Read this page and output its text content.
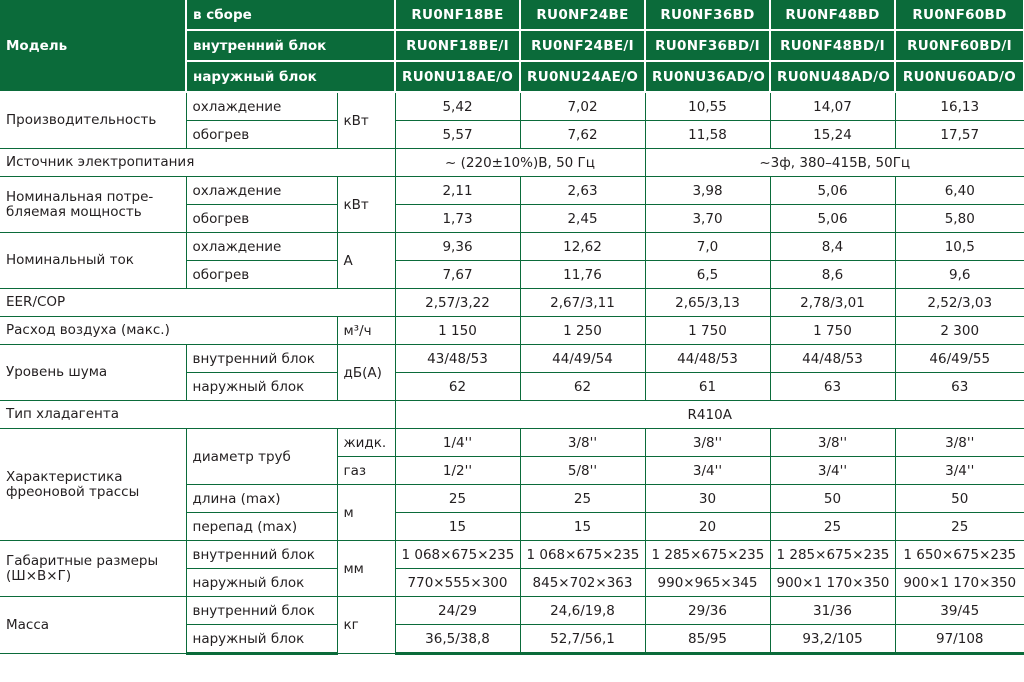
Модель	в сборе		RU0NF18BE	RU0NF24BE	RU0NF36BD	RU0NF48BD	RU0NF60BD
	внутренний блок		RU0NF18BE/I	RU0NF24BE/I	RU0NF36BD/I	RU0NF48BD/I	RU0NF60BD/I
	наружный блок		RU0NU18AE/O	RU0NU24AE/O	RU0NU36AD/O	RU0NU48AD/O	RU0NU60AD/O
Производительность	охлаждение	кВт	5,42	7,02	10,55	14,07	16,13
	обогрев		5,57	7,62	11,58	15,24	17,57
Источник электропитания			~ (220±10%)В, 50 Гц		~3ф, 380–415В, 50Гц		
Номинальная потре-
бляемая мощность	охлаждение	кВт	2,11	2,63	3,98	5,06	6,40
	обогрев		1,73	2,45	3,70	5,06	5,80
Номинальный ток	охлаждение	А	9,36	12,62	7,0	8,4	10,5
	обогрев		7,67	11,76	6,5	8,6	9,6
EER/COP			2,57/3,22	2,67/3,11	2,65/3,13	2,78/3,01	2,52/3,03
Расход воздуха (макс.)		м³/ч	1 150	1 250	1 750	1 750	2 300
Уровень шума	внутренний блок	дБ(А)	43/48/53	44/49/54	44/48/53	44/48/53	46/49/55
	наружный блок		62	62	61	63	63
Тип хладагента			R410A				
Характеристика
фреоновой трассы	диаметр труб	жидк.	1/4''	3/8''	3/8''	3/8''	3/8''
		газ	1/2''	5/8''	3/4''	3/4''	3/4''
	длина (max)	м	25	25	30	50	50
	перепад (max)		15	15	20	25	25
Габаритные размеры
(Ш×В×Г)	внутренний блок	мм	1 068×675×235	1 068×675×235	1 285×675×235	1 285×675×235	1 650×675×235
	наружный блок		770×555×300	845×702×363	990×965×345	900×1 170×350	900×1 170×350
Масса	внутренний блок	кг	24/29	24,6/19,8	29/36	31/36	39/45
	наружный блок		36,5/38,8	52,7/56,1	85/95	93,2/105	97/108
